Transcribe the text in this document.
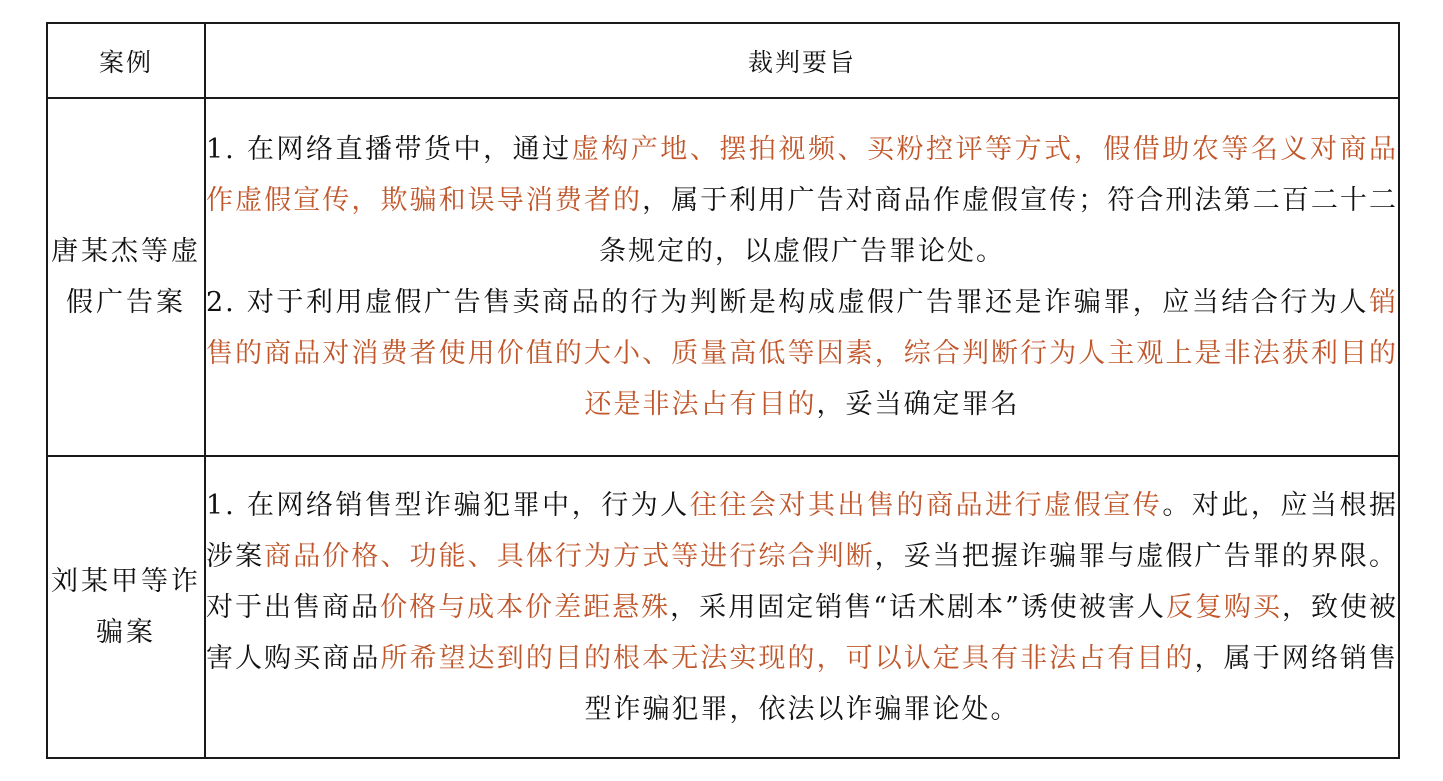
案例	裁判要旨
唐某杰等虚假广告案	1. 在网络直播带货中，通过虚构产地、摆拍视频、买粉控评等方式，假借助农等名义对商品作虚假宣传，欺骗和误导消费者的，属于利用广告对商品作虚假宣传；符合刑法第二百二十二条规定的，以虚假广告罪论处。
2. 对于利用虚假广告售卖商品的行为判断是构成虚假广告罪还是诈骗罪，应当结合行为人销售的商品对消费者使用价值的大小、质量高低等因素，综合判断行为人主观上是非法获利目的还是非法占有目的，妥当确定罪名

刘某甲等诈骗案	1. 在网络销售型诈骗犯罪中，行为人往往会对其出售的商品进行虚假宣传。对此，应当根据涉案商品价格、功能、具体行为方式等进行综合判断，妥当把握诈骗罪与虚假广告罪的界限。对于出售商品价格与成本价差距悬殊，采用固定销售“话术剧本”诱使被害人反复购买，致使被害人购买商品所希望达到的目的根本无法实现的，可以认定具有非法占有目的，属于网络销售型诈骗犯罪，依法以诈骗罪论处。
